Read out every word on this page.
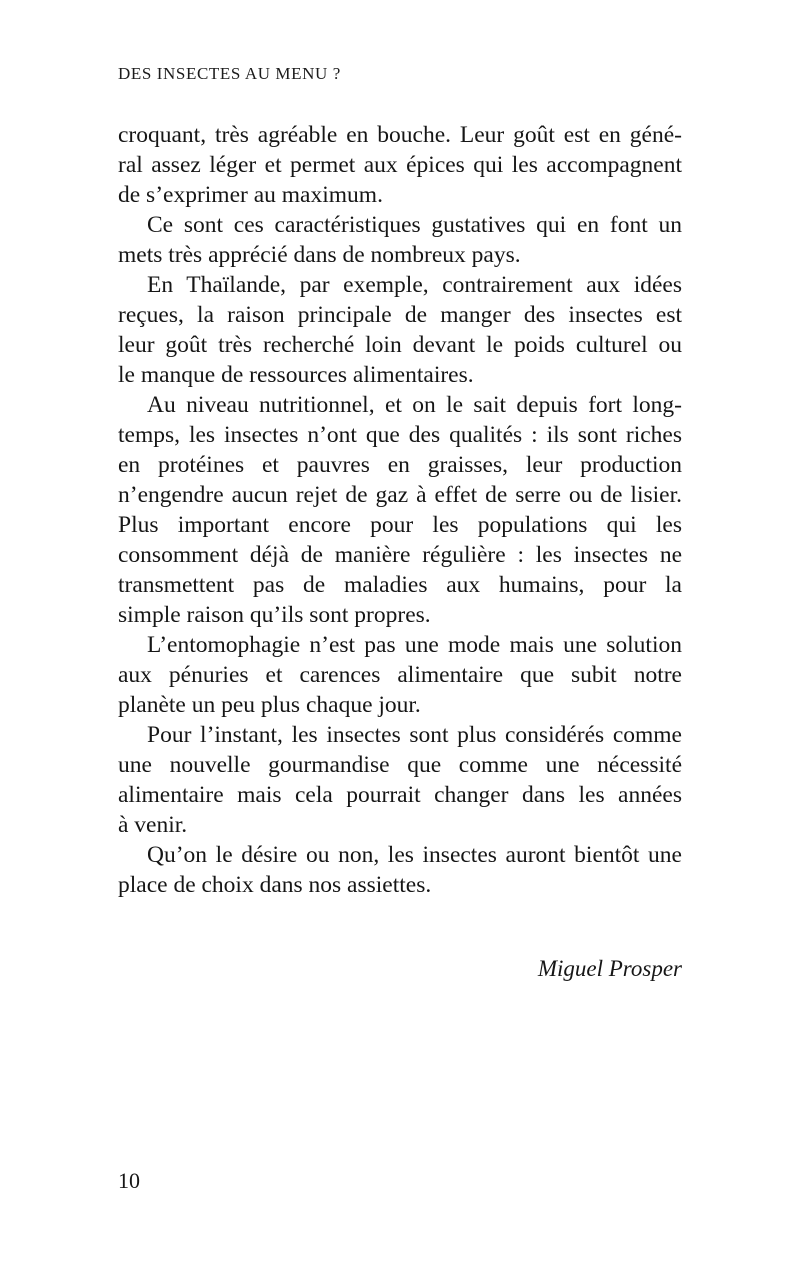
DES INSECTES AU MENU ?
croquant, très agréable en bouche. Leur goût est en géné-
ral assez léger et permet aux épices qui les accompagnent
de s’exprimer au maximum.
Ce sont ces caractéristiques gustatives qui en font un
mets très apprécié dans de nombreux pays.
En Thaïlande, par exemple, contrairement aux idées
reçues, la raison principale de manger des insectes est
leur goût très recherché loin devant le poids culturel ou
le manque de ressources alimentaires.
Au niveau nutritionnel, et on le sait depuis fort long-
temps, les insectes n’ont que des qualités : ils sont riches
en protéines et pauvres en graisses, leur production
n’engendre aucun rejet de gaz à effet de serre ou de lisier.
Plus important encore pour les populations qui les
consomment déjà de manière régulière : les insectes ne
transmettent pas de maladies aux humains, pour la
simple raison qu’ils sont propres.
L’entomophagie n’est pas une mode mais une solution
aux pénuries et carences alimentaire que subit notre
planète un peu plus chaque jour.
Pour l’instant, les insectes sont plus considérés comme
une nouvelle gourmandise que comme une nécessité
alimentaire mais cela pourrait changer dans les années
à venir.
Qu’on le désire ou non, les insectes auront bientôt une
place de choix dans nos assiettes.
Miguel Prosper
10
